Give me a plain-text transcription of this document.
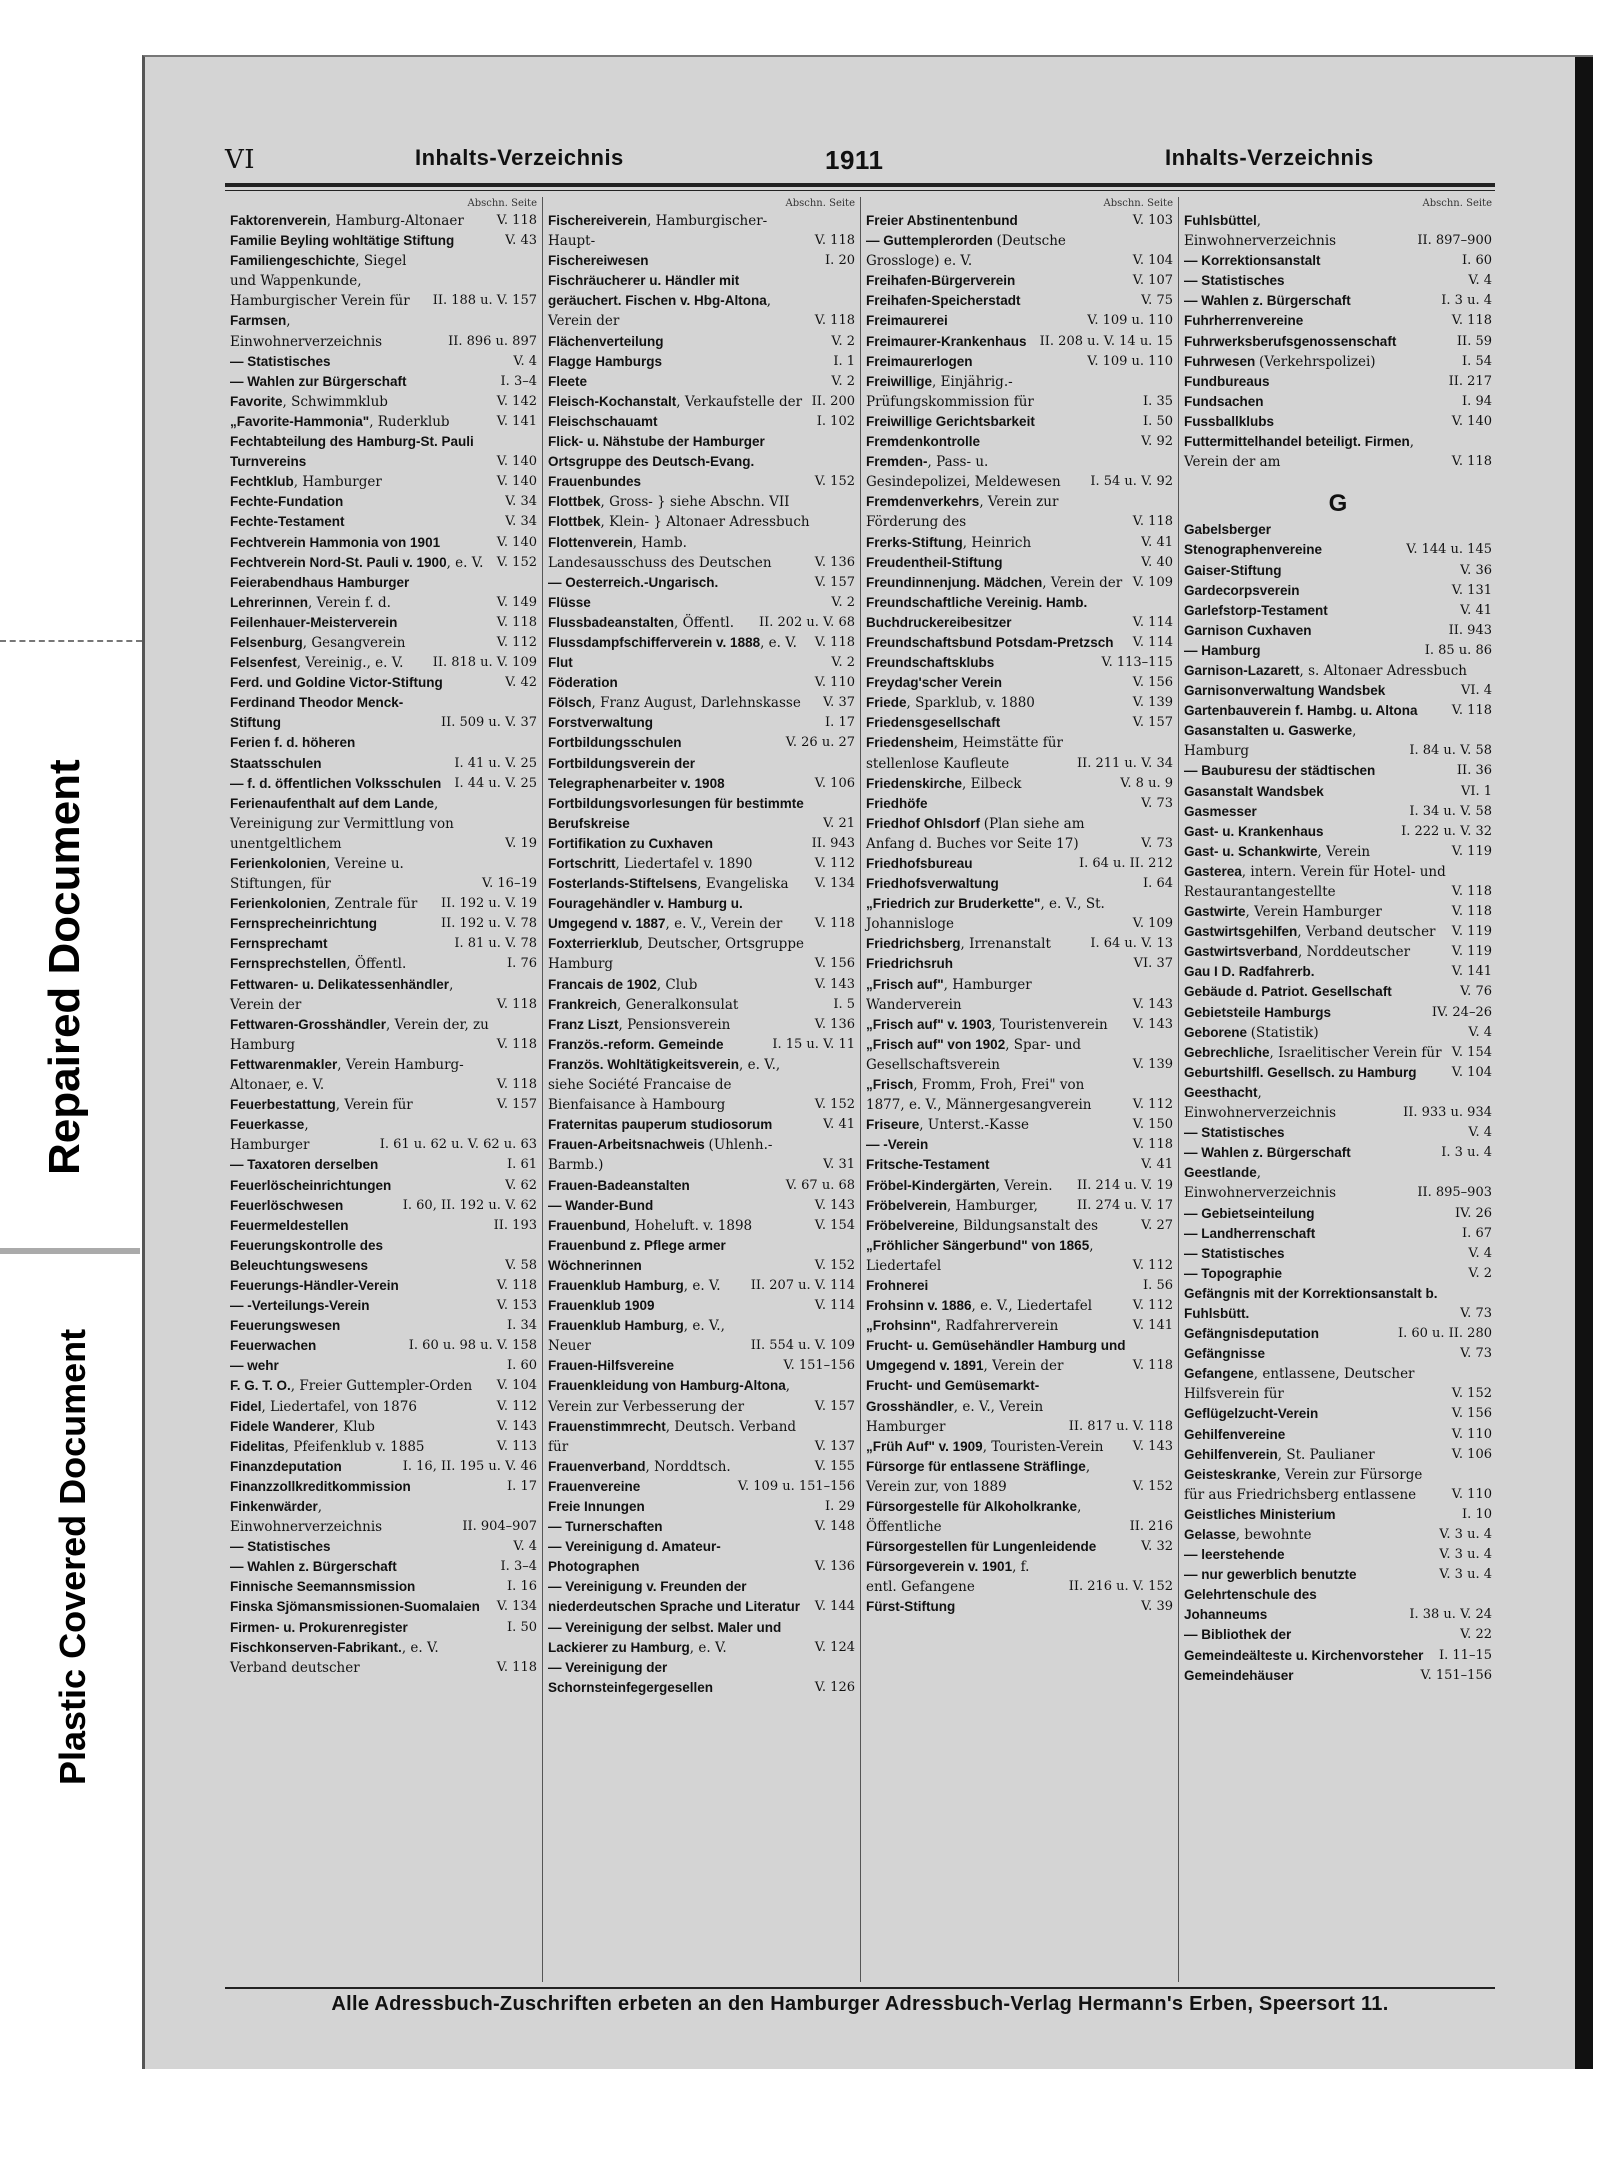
Repaired Document
Plastic Covered Document
VI	Inhalts-Verzeichnis	1911	Inhalts-Verzeichnis
Abschn. Seite
Faktorenverein, Hamburg-Altonaer	V. 118
Familie Beyling wohltätige Stiftung	V. 43
Familiengeschichte, Siegel und Wappenkunde, Hamburgischer Verein für	II. 188 u. V. 157
Farmsen, Einwohnerverzeichnis	II. 896 u. 897
— Statistisches	V. 4
— Wahlen zur Bürgerschaft	I. 3–4
Favorite, Schwimmklub	V. 142
„Favorite-Hammonia", Ruderklub	V. 141
Fechtabteilung des Hamburg-St. Pauli Turnvereins	V. 140
Fechtklub, Hamburger	V. 140
Fechte-Fundation	V. 34
Fechte-Testament	V. 34
Fechtverein Hammonia von 1901	V. 140
Fechtverein Nord-St. Pauli v. 1900, e. V.	V. 152
Feierabendhaus Hamburger Lehrerinnen, Verein f. d.	V. 149
Feilenhauer-Meisterverein	V. 118
Felsenburg, Gesangverein	V. 112
Felsenfest, Vereinig., e. V.	II. 818 u. V. 109
Ferd. und Goldine Victor-Stiftung	V. 42
Ferdinand Theodor Menck-Stiftung	II. 509 u. V. 37
Ferien f. d. höheren Staatsschulen	I. 41 u. V. 25
— f. d. öffentlichen Volksschulen	I. 44 u. V. 25
Ferienaufenthalt auf dem Lande, Vereinigung zur Vermittlung von unentgeltlichem	V. 19
Ferienkolonien, Vereine u. Stiftungen, für	V. 16–19
Ferienkolonien, Zentrale für	II. 192 u. V. 19
Fernsprecheinrichtung	II. 192 u. V. 78
Fernsprechamt	I. 81 u. V. 78
Fernsprechstellen, Öffentl.	I. 76
Fettwaren- u. Delikatessenhändler, Verein der	V. 118
Fettwaren-Grosshändler, Verein der, zu Hamburg	V. 118
Fettwarenmakler, Verein Hamburg-Altonaer, e. V.	V. 118
Feuerbestattung, Verein für	V. 157
Feuerkasse, Hamburger	I. 61 u. 62 u. V. 62 u. 63
— Taxatoren derselben	I. 61
Feuerlöscheinrichtungen	V. 62
Feuerlöschwesen	I. 60, II. 192 u. V. 62
Feuermeldestellen	II. 193
Feuerungskontrolle des Beleuchtungswesens	V. 58
Feuerungs-Händler-Verein	V. 118
— -Verteilungs-Verein	V. 153
Feuerungswesen	I. 34
Feuerwachen	I. 60 u. 98 u. V. 158
— wehr	I. 60
F. G. T. O., Freier Guttempler-Orden	V. 104
Fidel, Liedertafel, von 1876	V. 112
Fidele Wanderer, Klub	V. 143
Fidelitas, Pfeifenklub v. 1885	V. 113
Finanzdeputation	I. 16, II. 195 u. V. 46
Finanzzollkreditkommission	I. 17
Finkenwärder, Einwohnerverzeichnis	II. 904–907
— Statistisches	V. 4
— Wahlen z. Bürgerschaft	I. 3–4
Finnische Seemannsmission	I. 16
Finska Sjömansmissionen-Suomalaien	V. 134
Firmen- u. Prokurenregister	I. 50
Fischkonserven-Fabrikant., e. V. Verband deutscher	V. 118
Abschn. Seite
Fischereiverein, Hamburgischer-Haupt-	V. 118
Fischereiwesen	I. 20
Fischräucherer u. Händler mit geräuchert. Fischen v. Hbg-Altona, Verein der	V. 118
Flächenverteilung	V. 2
Flagge Hamburgs	I. 1
Fleete	V. 2
Fleisch-Kochanstalt, Verkaufstelle der II. 200
Fleischschauamt	I. 102
Flick- u. Nähstube der Hamburger Ortsgruppe des Deutsch-Evang. Frauenbundes	V. 152
Flottbek, Gross- } siehe Abschn. VII
Flottbek, Klein- } Altonaer Adressbuch
Flottenverein, Hamb. Landesausschuss des Deutschen	V. 136
— Oesterreich.-Ungarisch.	V. 157
Flüsse	V. 2
Flussbadeanstalten, Öffentl.	II. 202 u. V. 68
Flussdampfschifferverein v. 1888, e. V.	V. 118
Flut	V. 2
Föderation	V. 110
Fölsch, Franz August, Darlehnskasse	V. 37
Forstverwaltung	I. 17
Fortbildungsschulen	V. 26 u. 27
Fortbildungsverein der Telegraphenarbeiter v. 1908	V. 106
Fortbildungsvorlesungen für bestimmte Berufskreise	V. 21
Fortifikation zu Cuxhaven	II. 943
Fortschritt, Liedertafel v. 1890	V. 112
Fosterlands-Stiftelsens, Evangeliska	V. 134
Fouragehändler v. Hamburg u. Umgegend v. 1887, e. V., Verein der	V. 118
Foxterrierklub, Deutscher, Ortsgruppe Hamburg	V. 156
Francais de 1902, Club	V. 143
Frankreich, Generalkonsulat	I. 5
Franz Liszt, Pensionsverein	V. 136
Französ.-reform. Gemeinde	I. 15 u. V. 11
Französ. Wohltätigkeitsverein, e. V., siehe Société Francaise de Bienfaisance à Hambourg	V. 152
Fraternitas pauperum studiosorum	V. 41
Frauen-Arbeitsnachweis (Uhlenh.-Barmb.)	V. 31
Frauen-Badeanstalten	V. 67 u. 68
— Wander-Bund	V. 143
Frauenbund, Hoheluft. v. 1898	V. 154
Frauenbund z. Pflege armer Wöchnerinnen	V. 152
Frauenklub Hamburg, e. V.	II. 207 u. V. 114
Frauenklub 1909	V. 114
Frauenklub Hamburg, e. V., Neuer	II. 554 u. V. 109
Frauen-Hilfsvereine	V. 151–156
Frauenkleidung von Hamburg-Altona, Verein zur Verbesserung der	V. 157
Frauenstimmrecht, Deutsch. Verband für	V. 137
Frauenverband, Norddtsch.	V. 155
Frauenvereine	V. 109 u. 151–156
Freie Innungen	I. 29
— Turnerschaften	V. 148
— Vereinigung d. Amateur-Photographen	V. 136
— Vereinigung v. Freunden der niederdeutschen Sprache und Literatur	V. 144
— Vereinigung der selbst. Maler und Lackierer zu Hamburg, e. V.	V. 124
— Vereinigung der Schornsteinfegergesellen	V. 126
Abschn. Seite
Freier Abstinentenbund	V. 103
— Guttemplerorden (Deutsche Grossloge) e. V.	V. 104
Freihafen-Bürgerverein	V. 107
Freihafen-Speicherstadt	V. 75
Freimaurerei	V. 109 u. 110
Freimaurer-Krankenhaus	II. 208 u. V. 14 u. 15
Freimaurerlogen	V. 109 u. 110
Freiwillige, Einjährig.-Prüfungskommission für	I. 35
Freiwillige Gerichtsbarkeit	I. 50
Fremdenkontrolle	V. 92
Fremden-, Pass- u. Gesindepolizei, Meldewesen	I. 54 u. V. 92
Fremdenverkehrs, Verein zur Förderung des	V. 118
Frerks-Stiftung, Heinrich	V. 41
Freudentheil-Stiftung	V. 40
Freundinnenjung. Mädchen, Verein der V. 109
Freundschaftliche Vereinig. Hamb. Buchdruckereibesitzer	V. 114
Freundschaftsbund Potsdam-Pretzsch	V. 114
Freundschaftsklubs	V. 113–115
Freydag'scher Verein	V. 156
Friede, Sparklub, v. 1880	V. 139
Friedensgesellschaft	V. 157
Friedensheim, Heimstätte für stellenlose Kaufleute	II. 211 u. V. 34
Friedenskirche, Eilbeck	V. 8 u. 9
Friedhöfe	V. 73
Friedhof Ohlsdorf (Plan siehe am Anfang d. Buches vor Seite 17)	V. 73
Friedhofsbureau	I. 64 u. II. 212
Friedhofsverwaltung	I. 64
„Friedrich zur Bruderkette", e. V., St. Johannisloge	V. 109
Friedrichsberg, Irrenanstalt	I. 64 u. V. 13
Friedrichsruh	VI. 37
„Frisch auf", Hamburger Wanderverein	V. 143
„Frisch auf" v. 1903, Touristenverein	V. 143
„Frisch auf" von 1902, Spar- und Gesellschaftsverein	V. 139
„Frisch, Fromm, Froh, Frei" von 1877, e. V., Männergesangverein	V. 112
Friseure, Unterst.-Kasse	V. 150
— -Verein	V. 118
Fritsche-Testament	V. 41
Fröbel-Kindergärten, Verein.	II. 214 u. V. 19
Fröbelverein, Hamburger,	II. 274 u. V. 17
Fröbelvereine, Bildungsanstalt des	V. 27
„Fröhlicher Sängerbund" von 1865, Liedertafel	V. 112
Frohnerei	I. 56
Frohsinn v. 1886, e. V., Liedertafel	V. 112
„Frohsinn", Radfahrerverein	V. 141
Frucht- u. Gemüsehändler Hamburg und Umgegend v. 1891, Verein der	V. 118
Frucht- und Gemüsemarkt-Grosshändler, e. V., Verein Hamburger	II. 817 u. V. 118
„Früh Auf" v. 1909, Touristen-Verein	V. 143
Fürsorge für entlassene Sträflinge, Verein zur, von 1889	V. 152
Fürsorgestelle für Alkoholkranke, Öffentliche	II. 216
Fürsorgestellen für Lungenleidende	V. 32
Fürsorgeverein v. 1901, f. entl. Gefangene	II. 216 u. V. 152
Fürst-Stiftung	V. 39
Abschn. Seite
Fuhlsbüttel, Einwohnerverzeichnis	II. 897–900
— Korrektionsanstalt	I. 60
— Statistisches	V. 4
— Wahlen z. Bürgerschaft	I. 3 u. 4
Fuhrherrenvereine	V. 118
Fuhrwerksberufsgenossenschaft	II. 59
Fuhrwesen (Verkehrspolizei)	I. 54
Fundbureaus	II. 217
Fundsachen	I. 94
Fussballklubs	V. 140
Futtermittelhandel beteiligt. Firmen, Verein der am	V. 118
G
Gabelsberger Stenographenvereine	V. 144 u. 145
Gaiser-Stiftung	V. 36
Gardecorpsverein	V. 131
Garlefstorp-Testament	V. 41
Garnison Cuxhaven	II. 943
— Hamburg	I. 85 u. 86
Garnison-Lazarett, s. Altonaer Adressbuch
Garnisonverwaltung Wandsbek	VI. 4
Gartenbauverein f. Hambg. u. Altona	V. 118
Gasanstalten u. Gaswerke, Hamburg	I. 84 u. V. 58
— Bauburesu der städtischen	II. 36
Gasanstalt Wandsbek	VI. 1
Gasmesser	I. 34 u. V. 58
Gast- u. Krankenhaus	I. 222 u. V. 32
Gast- u. Schankwirte, Verein	V. 119
Gasterea, intern. Verein für Hotel- und Restaurantangestellte	V. 118
Gastwirte, Verein Hamburger	V. 118
Gastwirtsgehilfen, Verband deutscher	V. 119
Gastwirtsverband, Norddeutscher	V. 119
Gau I D. Radfahrerb.	V. 141
Gebäude d. Patriot. Gesellschaft	V. 76
Gebietsteile Hamburgs	IV. 24–26
Geborene (Statistik)	V. 4
Gebrechliche, Israelitischer Verein für V. 154
Geburtshilfl. Gesellsch. zu Hamburg	V. 104
Geesthacht, Einwohnerverzeichnis	II. 933 u. 934
— Statistisches	V. 4
— Wahlen z. Bürgerschaft	I. 3 u. 4
Geestlande, Einwohnerverzeichnis	II. 895–903
— Gebietseinteilung	IV. 26
— Landherrenschaft	I. 67
— Statistisches	V. 4
— Topographie	V. 2
Gefängnis mit der Korrektionsanstalt b. Fuhlsbütt.	V. 73
Gefängnisdeputation	I. 60 u. II. 280
Gefängnisse	V. 73
Gefangene, entlassene, Deutscher Hilfsverein für	V. 152
Geflügelzucht-Verein	V. 156
Gehilfenvereine	V. 110
Gehilfenverein, St. Paulianer	V. 106
Geisteskranke, Verein zur Fürsorge für aus Friedrichsberg entlassene	V. 110
Geistliches Ministerium	I. 10
Gelasse, bewohnte	V. 3 u. 4
— leerstehende	V. 3 u. 4
— nur gewerblich benutzte	V. 3 u. 4
Gelehrtenschule des Johanneums	I. 38 u. V. 24
— Bibliothek der	V. 22
Gemeindeälteste u. Kirchenvorsteher	I. 11–15
Gemeindehäuser	V. 151–156
Alle Adressbuch-Zuschriften erbeten an den Hamburger Adressbuch-Verlag Hermann's Erben, Speersort 11.
